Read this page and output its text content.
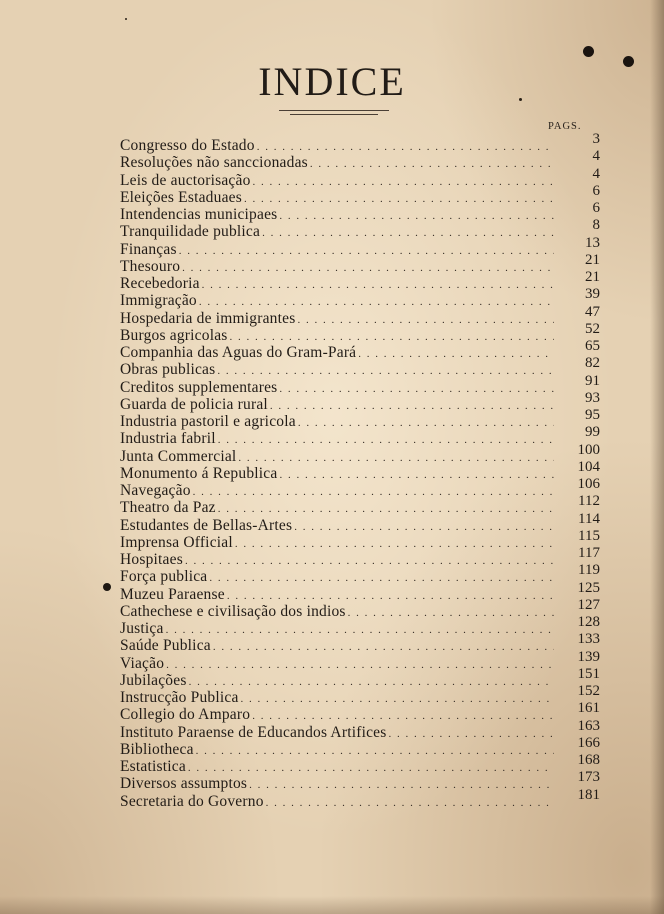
INDICE
PAGS.
Congresso do Estado . . .	3
Resoluções não sanccionadas . . .	4
Leis de auctorisação . . .	4
Eleições Estaduaes . . .	6
Intendencias municipaes . . .	6
Tranquilidade publica . . .	8
Finanças . . .	13
Thesouro . . .	21
Recebedoria . . .	21
Immigração . . .	39
Hospedaria de immigrantes . . .	47
Burgos agricolas . . .	52
Companhia das Aguas do Gram-Pará . . .	65
Obras publicas . . .	82
Creditos supplementares . . .	91
Guarda de policia rural . . .	93
Industria pastoril e agricola . . .	95
Industria fabril . . .	99
Junta Commercial . . .	100
Monumento á Republica . . .	104
Navegação . . .	106
Theatro da Paz . . .	112
Estudantes de Bellas-Artes . . .	114
Imprensa Official . . .	115
Hospitaes . . .	117
Força publica . . .	119
Muzeu Paraense . . .	125
Cathechese e civilisação dos indios . . .	127
Justiça . . .	128
Saúde Publica . . .	133
Viação . . .	139
Jubilações . . .	151
Instrucção Publica . . .	152
Collegio do Amparo . . .	161
Instituto Paraense de Educandos Artifices . . .	163
Bibliotheca . . .	166
Estatistica . . .	168
Diversos assumptos . . .	173
Secretaria do Governo . . .	181
